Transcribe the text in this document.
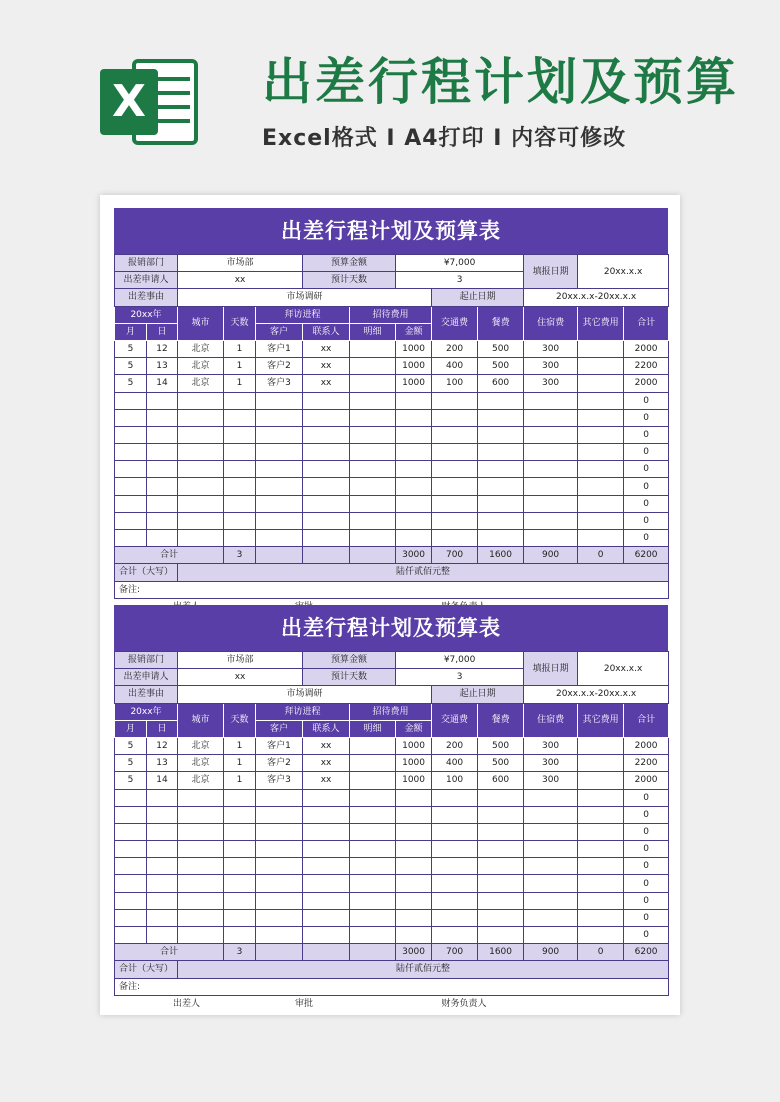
X 出差行程计划及预算
Excel格式 I A4打印 I 内容可修改
出差行程计划及预算表
报销部门		市场部			预算金额		¥7,000			填报日期	20xx.x.x	
出差申请人		xx			预计天数		3					
出差事由		市场调研						起止日期		20xx.x.x-20xx.x.x		
20xx年		城市	天数	拜访进程		招待费用		交通费	餐费	住宿费	其它费用	合计
月	日			客户	联系人	明细	金额					
5	12	北京	1	客户1	xx		1000	200	500	300		2000
5	13	北京	1	客户2	xx		1000	400	500	300		2200
5	14	北京	1	客户3	xx		1000	100	600	300		2000
												0
												0
												0
												0
												0
												0
												0
												0
												0
合计			3				3000	700	1600	900	0	6200
合计（大写）		陆仟贰佰元整										
备注:												
出差行程计划及预算表
报销部门		市场部			预算金额		¥7,000			填报日期	20xx.x.x	
出差申请人		xx			预计天数		3					
出差事由		市场调研						起止日期		20xx.x.x-20xx.x.x		
20xx年		城市	天数	拜访进程		招待费用		交通费	餐费	住宿费	其它费用	合计
月	日			客户	联系人	明细	金额					
5	12	北京	1	客户1	xx		1000	200	500	300		2000
5	13	北京	1	客户2	xx		1000	400	500	300		2200
5	14	北京	1	客户3	xx		1000	100	600	300		2000
												0
												0
												0
												0
												0
												0
												0
												0
												0
合计			3				3000	700	1600	900	0	6200
合计（大写）		陆仟贰佰元整										
备注:												
出差人	审批	财务负责人
